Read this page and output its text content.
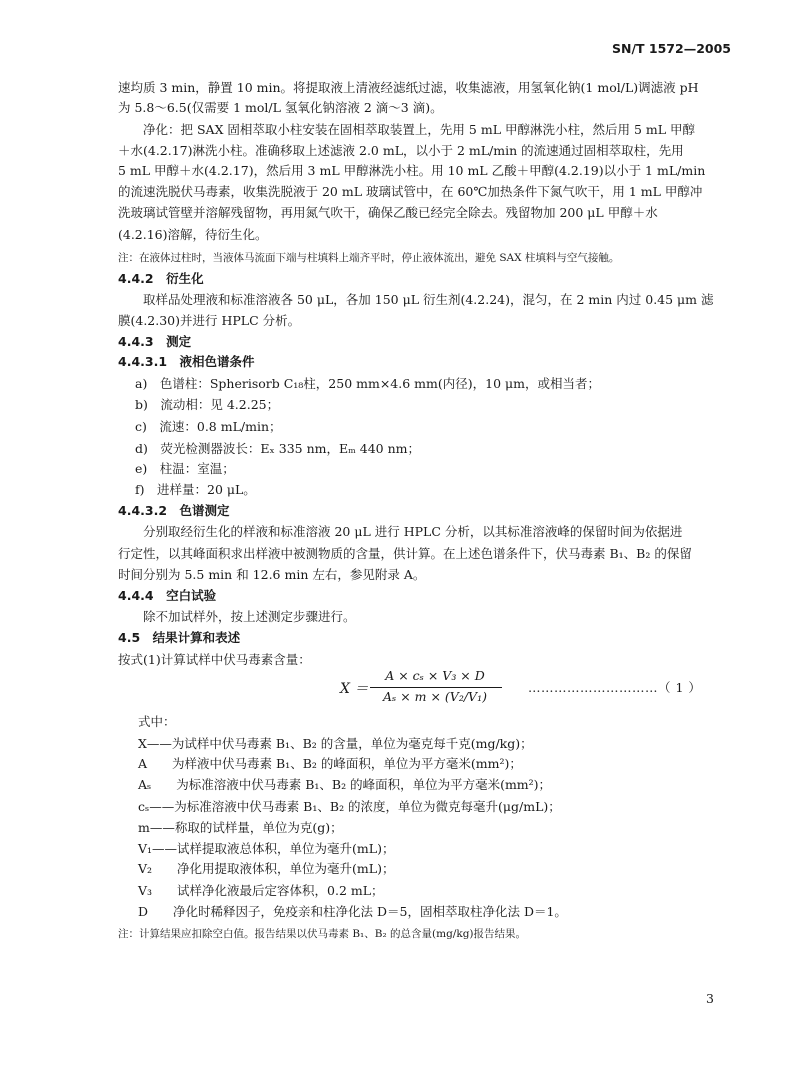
SN/T 1572—2005
速均质 3 min，静置 10 min。将提取液上清液经滤纸过滤，收集滤液，用氢氧化钠(1 mol/L)调滤液 pH
为 5.8～6.5(仅需要 1 mol/L 氢氧化钠溶液 2 滴～3 滴)。
净化：把 SAX 固相萃取小柱安装在固相萃取装置上，先用 5 mL 甲醇淋洗小柱，然后用 5 mL 甲醇
＋水(4.2.17)淋洗小柱。准确移取上述滤液 2.0 mL，以小于 2 mL/min 的流速通过固相萃取柱，先用
5 mL 甲醇＋水(4.2.17)，然后用 3 mL 甲醇淋洗小柱。用 10 mL 乙酸＋甲醇(4.2.19)以小于 1 mL/min
的流速洗脱伏马毒素，收集洗脱液于 20 mL 玻璃试管中，在 60℃加热条件下氮气吹干，用 1 mL 甲醇冲
洗玻璃试管壁并溶解残留物，再用氮气吹干，确保乙酸已经完全除去。残留物加 200 μL 甲醇＋水
(4.2.16)溶解，待衍生化。
注：在液体过柱时，当液体马流面下端与柱填料上端齐平时，停止液体流出，避免 SAX 柱填料与空气接触。
4.4.2　衍生化
取样品处理液和标准溶液各 50 μL，各加 150 μL 衍生剂(4.2.24)，混匀，在 2 min 内过 0.45 μm 滤
膜(4.2.30)并进行 HPLC 分析。
4.4.3　测定
4.4.3.1　液相色谱条件
a)　色谱柱：Spherisorb C₁₈柱，250 mm×4.6 mm(内径)，10 μm，或相当者；
b)　流动相：见 4.2.25；
c)　流速：0.8 mL/min；
d)　荧光检测器波长：Eₓ 335 nm，Eₘ 440 nm；
e)　柱温：室温；
f)　进样量：20 μL。
4.4.3.2　色谱测定
分别取经衍生化的样液和标准溶液 20 μL 进行 HPLC 分析，以其标准溶液峰的保留时间为依据进
行定性，以其峰面积求出样液中被测物质的含量，供计算。在上述色谱条件下，伏马毒素 B₁、B₂ 的保留
时间分别为 5.5 min 和 12.6 min 左右，参见附录 A。
4.4.4　空白试验
除不加试样外，按上述测定步骤进行。
4.5　结果计算和表述
按式(1)计算试样中伏马毒素含量：
X ＝
A × cₛ × V₃ × D
Aₛ × m × (V₂/V₁)
…………………………（ 1 ）
式中：
X——为试样中伏马毒素 B₁、B₂ 的含量，单位为毫克每千克(mg/kg)；
A　　为样液中伏马毒素 B₁、B₂ 的峰面积，单位为平方毫米(mm²)；
Aₛ　　为标准溶液中伏马毒素 B₁、B₂ 的峰面积，单位为平方毫米(mm²)；
cₛ——为标准溶液中伏马毒素 B₁、B₂ 的浓度，单位为微克每毫升(μg/mL)；
m——称取的试样量，单位为克(g)；
V₁——试样提取液总体积，单位为毫升(mL)；
V₂　　净化用提取液体积，单位为毫升(mL)；
V₃　　试样净化液最后定容体积，0.2 mL；
D　　净化时稀释因子，免疫亲和柱净化法 D＝5，固相萃取柱净化法 D＝1。
注：计算结果应扣除空白值。报告结果以伏马毒素 B₁、B₂ 的总含量(mg/kg)报告结果。
3
